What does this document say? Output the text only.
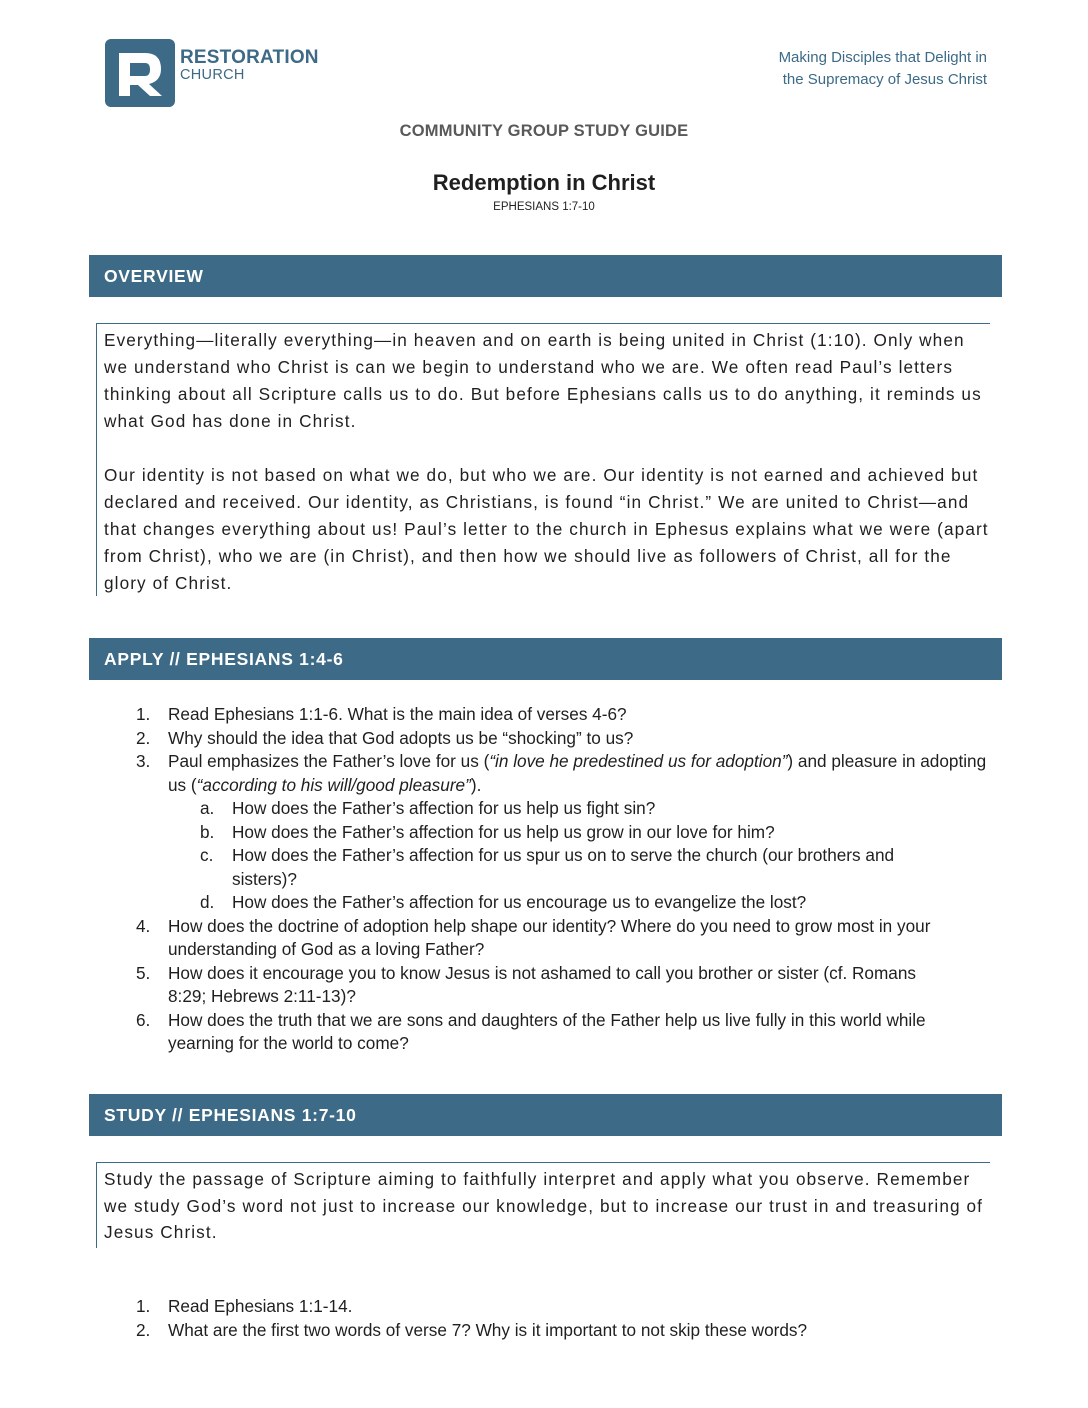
RESTORATION
CHURCH
Making Disciples that Delight in
the Supremacy of Jesus Christ
COMMUNITY GROUP STUDY GUIDE
Redemption in Christ
EPHESIANS 1:7-10
OVERVIEW

Everything—literally everything—in heaven and on earth is being united in Christ (1:10). Only when we understand who Christ is can we begin to understand who we are. We often read Paul’s letters thinking about all Scripture calls us to do. But before Ephesians calls us to do anything, it reminds us what God has done in Christ.

Our identity is not based on what we do, but who we are. Our identity is not earned and achieved but declared and received. Our identity, as Christians, is found “in Christ.” We are united to Christ—and that changes everything about us! Paul’s letter to the church in Ephesus explains what we were (apart from Christ), who we are (in Christ), and then how we should live as followers of Christ, all for the glory of Christ.

APPLY // EPHESIANS 1:4-6
1. Read Ephesians 1:1-6. What is the main idea of verses 4-6?
2. Why should the idea that God adopts us be “shocking” to us?
3. Paul emphasizes the Father’s love for us (“in love he predestined us for adoption”) and pleasure in adopting us (“according to his will/good pleasure”).
a. How does the Father’s affection for us help us fight sin?
b. How does the Father’s affection for us help us grow in our love for him?
c. How does the Father’s affection for us spur us on to serve the church (our brothers and sisters)?
d. How does the Father’s affection for us encourage us to evangelize the lost?
4. How does the doctrine of adoption help shape our identity? Where do you need to grow most in your understanding of God as a loving Father?
5. How does it encourage you to know Jesus is not ashamed to call you brother or sister (cf. Romans 8:29; Hebrews 2:11-13)?
6. How does the truth that we are sons and daughters of the Father help us live fully in this world while yearning for the world to come?
STUDY // EPHESIANS 1:7-10

Study the passage of Scripture aiming to faithfully interpret and apply what you observe. Remember we study God’s word not just to increase our knowledge, but to increase our trust in and treasuring of Jesus Christ.

1. Read Ephesians 1:1-14.
2. What are the first two words of verse 7? Why is it important to not skip these words?
